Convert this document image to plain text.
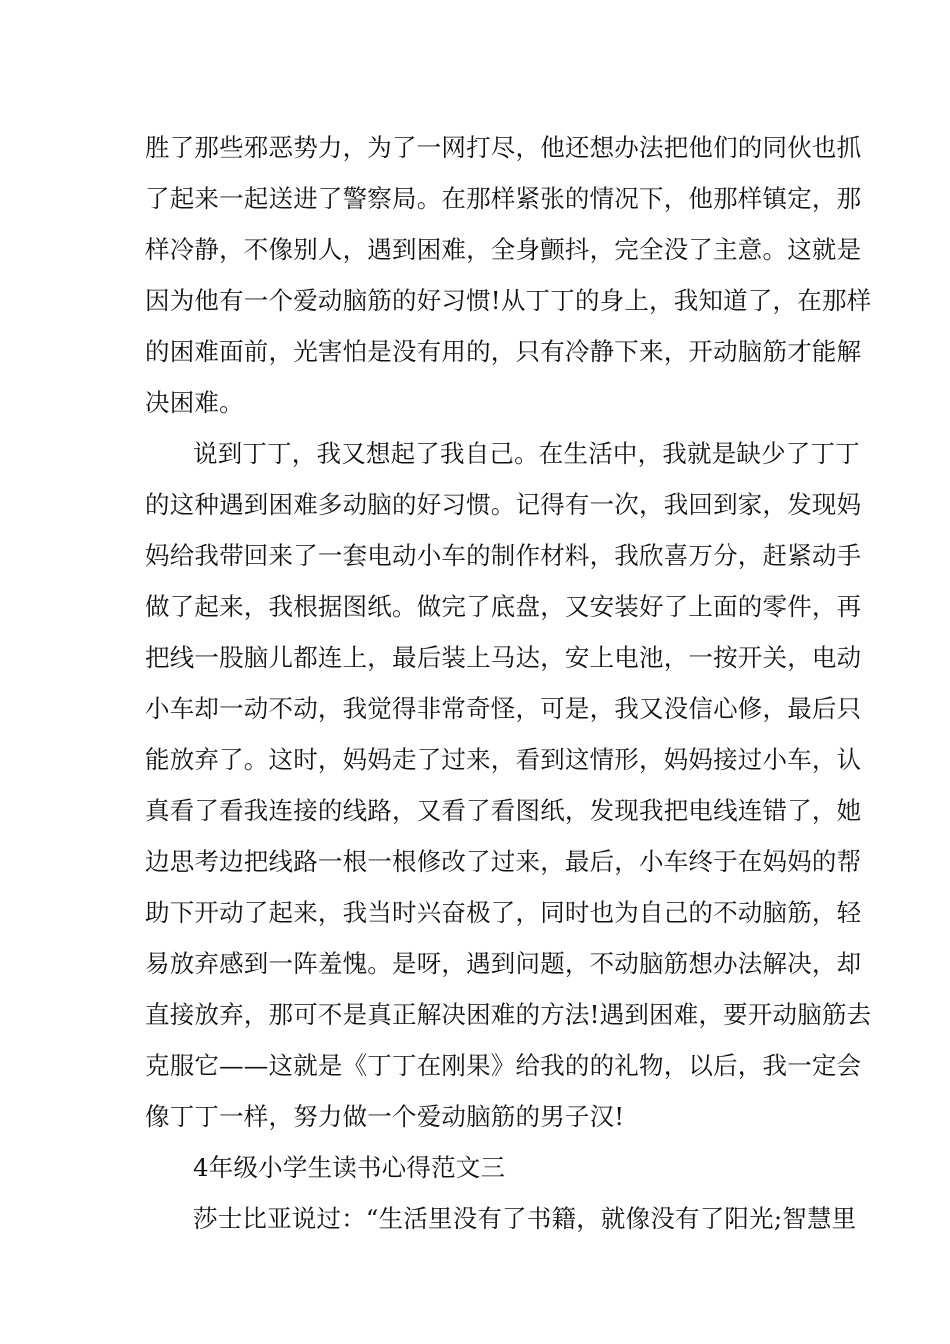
胜了那些邪恶势力，为了一网打尽，他还想办法把他们的同伙也抓
了起来一起送进了警察局。在那样紧张的情况下，他那样镇定，那
样冷静，不像别人，遇到困难，全身颤抖，完全没了主意。这就是
因为他有一个爱动脑筋的好习惯!从丁丁的身上，我知道了，在那样
的困难面前，光害怕是没有用的，只有冷静下来，开动脑筋才能解
决困难。
说到丁丁，我又想起了我自己。在生活中，我就是缺少了丁丁
的这种遇到困难多动脑的好习惯。记得有一次，我回到家，发现妈
妈给我带回来了一套电动小车的制作材料，我欣喜万分，赶紧动手
做了起来，我根据图纸。做完了底盘，又安装好了上面的零件，再
把线一股脑儿都连上，最后装上马达，安上电池，一按开关，电动
小车却一动不动，我觉得非常奇怪，可是，我又没信心修，最后只
能放弃了。这时，妈妈走了过来，看到这情形，妈妈接过小车，认
真看了看我连接的线路，又看了看图纸，发现我把电线连错了，她
边思考边把线路一根一根修改了过来，最后，小车终于在妈妈的帮
助下开动了起来，我当时兴奋极了，同时也为自己的不动脑筋，轻
易放弃感到一阵羞愧。是呀，遇到问题，不动脑筋想办法解决，却
直接放弃，那可不是真正解决困难的方法!遇到困难，要开动脑筋去
克服它——这就是《丁丁在刚果》给我的的礼物，以后，我一定会
像丁丁一样，努力做一个爱动脑筋的男子汉!
4年级小学生读书心得范文三
莎士比亚说过：“生活里没有了书籍，就像没有了阳光;智慧里
